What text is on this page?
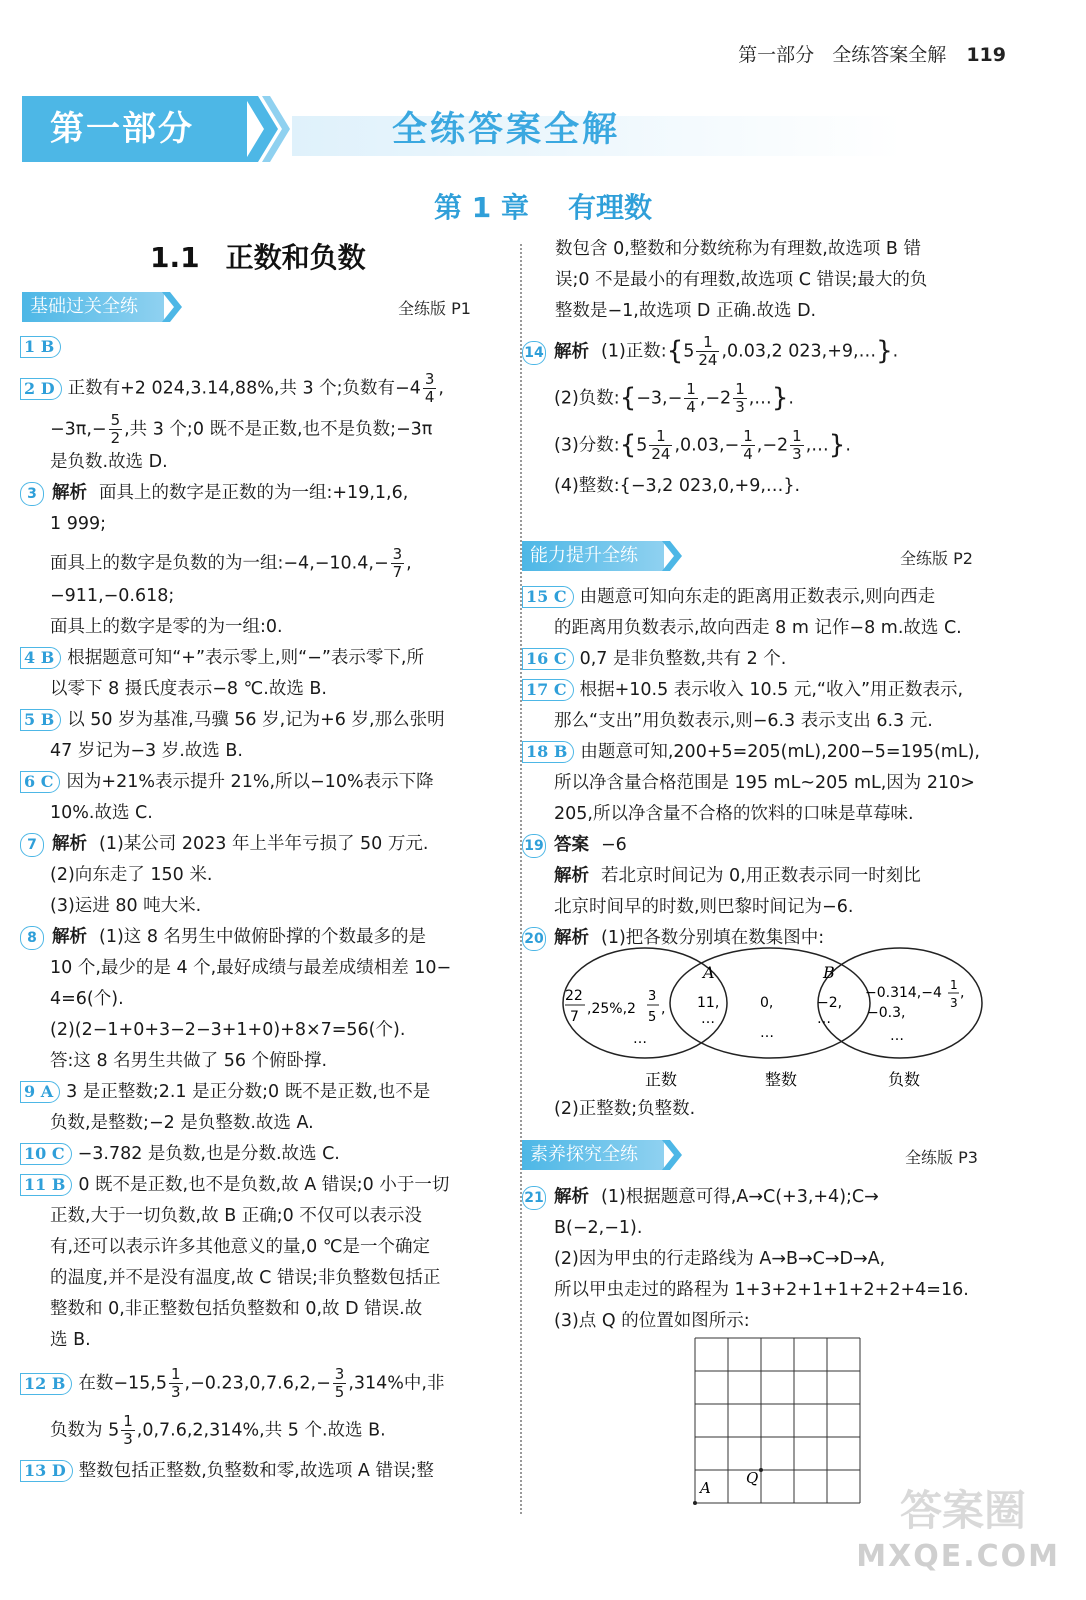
第一部分 全练答案全解 119
第一部分	全练答案全解
第 1 章 有理数
1.1 正数和负数
基础过关全练	全练版 P1
1 B
2 D 正数有+2 024,3.14,88%,共 3 个;负数有$-4 \frac{3}{4}$ ,
$-3\pi,- \frac{5}{2}$ ,共 3 个;0 既不是正数,也不是负数;−3π
是负数.故选 D.
3 解析 面具上的数字是正数的为一组:+19,1,6,
1 999;
面具上的数字是负数的为一组:−4,−10.4,− $\frac{3}{7}$ ,
−911,−0.618;
面具上的数字是零的为一组:0.
4 B 根据题意可知“+”表示零上,则“−”表示零下,所
以零下 8 摄氏度表示−8 ℃.故选 B.
5 B 以 50 岁为基准,马骥 56 岁,记为+6 岁,那么张明
47 岁记为−3 岁.故选 B.
6 C 因为+21%表示提升 21%,所以−10%表示下降
10%.故选 C.
7 解析 (1)某公司 2023 年上半年亏损了 50 万元.
(2)向东走了 150 米.
(3)运进 80 吨大米.
8 解析 (1)这 8 名男生中做俯卧撑的个数最多的是
10 个,最少的是 4 个,最好成绩与最差成绩相差 10−
4=6(个).
(2)(2−1+0+3−2−3+1+0)+8×7=56(个).
答:这 8 名男生共做了 56 个俯卧撑.
9 A 3 是正整数;2.1 是正分数;0 既不是正数,也不是
负数,是整数;−2 是负整数.故选 A.
10 C −3.782 是负数,也是分数.故选 C.
11 B 0 既不是正数,也不是负数,故 A 错误;0 小于一切
正数,大于一切负数,故 B 正确;0 不仅可以表示没
有,还可以表示许多其他意义的量,0 ℃是一个确定
的温度,并不是没有温度,故 C 错误;非负整数包括正
整数和 0,非正整数包括负整数和 0,故 D 错误.故
选 B.
12 B 在数$-15,5 \frac{1}{3} ,-0.23,0,7.6,2,- \frac{3}{5} ,314\%$中,非
负数为 $5 \frac{1}{3} ,0,7.6,2,314\%$,共 5 个.故选 B.
13 D 整数包括正整数,负整数和零,故选项 A 错误;整
数包含 0,整数和分数统称为有理数,故选项 B 错
误;0 不是最小的有理数,故选项 C 错误;最大的负
整数是−1,故选项 D 正确.故选 D.
14 解析 (1)正数:{5 $\frac{1}{24} ,0.03,2$ 023,+9,…}.
(2)负数:{−3,− $\frac{1}{4} ,-2 \frac{1}{3}$ ,…}.
(3)分数:{5 $\frac{1}{24} ,0.03,- \frac{1}{4} ,-2 \frac{1}{3}$ ,…}.
(4)整数:{−3,2 023,0,+9,…}.
能力提升全练	全练版 P2
15 C 由题意可知向东走的距离用正数表示,则向西走
的距离用负数表示,故向西走 8 m 记作−8 m.故选 C.
16 C 0,7 是非负整数,共有 2 个.
17 C 根据+10.5 表示收入 10.5 元,“收入”用正数表示,
那么“支出”用负数表示,则−6.3 表示支出 6.3 元.
18 B 由题意可知,200+5=205(mL),200−5=195(mL),
所以净含量合格范围是 195 mL~205 mL,因为 210>
205,所以净含量不合格的饮料的口味是草莓味.
19 答案 −6
解析 若北京时间记为 0,用正数表示同一时刻比
北京时间早的时数,则巴黎时间记为−6.
20 解析 (1)把各数分别填在数集图中:
A	B
22
7 ,25%,2
3
5
,
…
11,
…
0,
…
−2,
…
−0.314,−4 1
3
,
−0.3,
…
正数	整数	负数
(2)正整数;负整数.
素养探究全练	全练版 P3
21 解析 (1)根据题意可得,A→C(+3,+4);C→
B(−2,−1).
(2)因为甲虫的行走路线为 A→B→C→D→A,
所以甲虫走过的路程为 1+3+2+1+1+2+2+4=16.
(3)点 Q 的位置如图所示:
A
Q
答案圈
MXQE.COM
